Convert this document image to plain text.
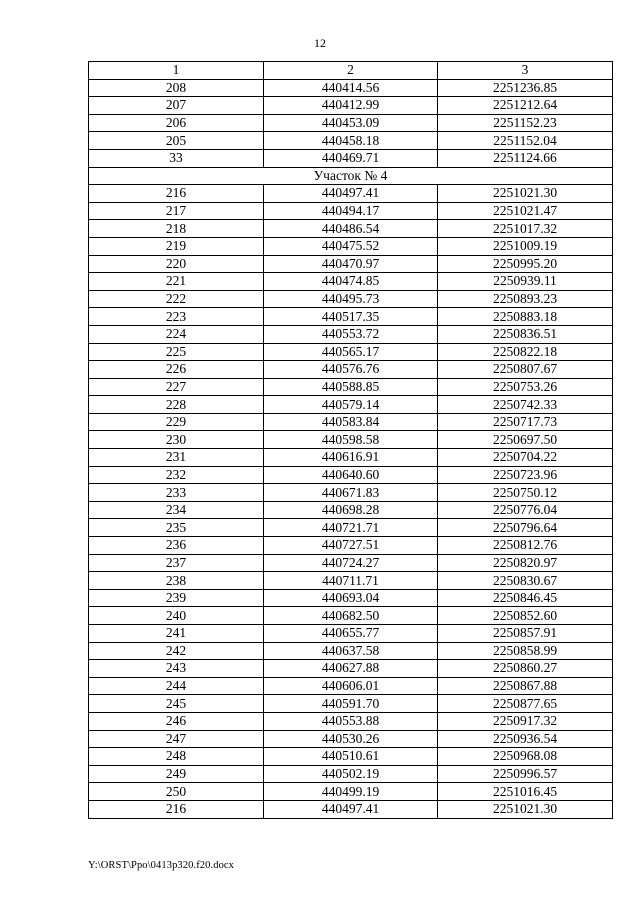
12
1	2	3
208	440414.56	2251236.85
207	440412.99	2251212.64
206	440453.09	2251152.23
205	440458.18	2251152.04
33	440469.71	2251124.66
Участок № 4		
216	440497.41	2251021.30
217	440494.17	2251021.47
218	440486.54	2251017.32
219	440475.52	2251009.19
220	440470.97	2250995.20
221	440474.85	2250939.11
222	440495.73	2250893.23
223	440517.35	2250883.18
224	440553.72	2250836.51
225	440565.17	2250822.18
226	440576.76	2250807.67
227	440588.85	2250753.26
228	440579.14	2250742.33
229	440583.84	2250717.73
230	440598.58	2250697.50
231	440616.91	2250704.22
232	440640.60	2250723.96
233	440671.83	2250750.12
234	440698.28	2250776.04
235	440721.71	2250796.64
236	440727.51	2250812.76
237	440724.27	2250820.97
238	440711.71	2250830.67
239	440693.04	2250846.45
240	440682.50	2250852.60
241	440655.77	2250857.91
242	440637.58	2250858.99
243	440627.88	2250860.27
244	440606.01	2250867.88
245	440591.70	2250877.65
246	440553.88	2250917.32
247	440530.26	2250936.54
248	440510.61	2250968.08
249	440502.19	2250996.57
250	440499.19	2251016.45
216	440497.41	2251021.30
Y:\ORST\Ppo\0413p320.f20.docx
